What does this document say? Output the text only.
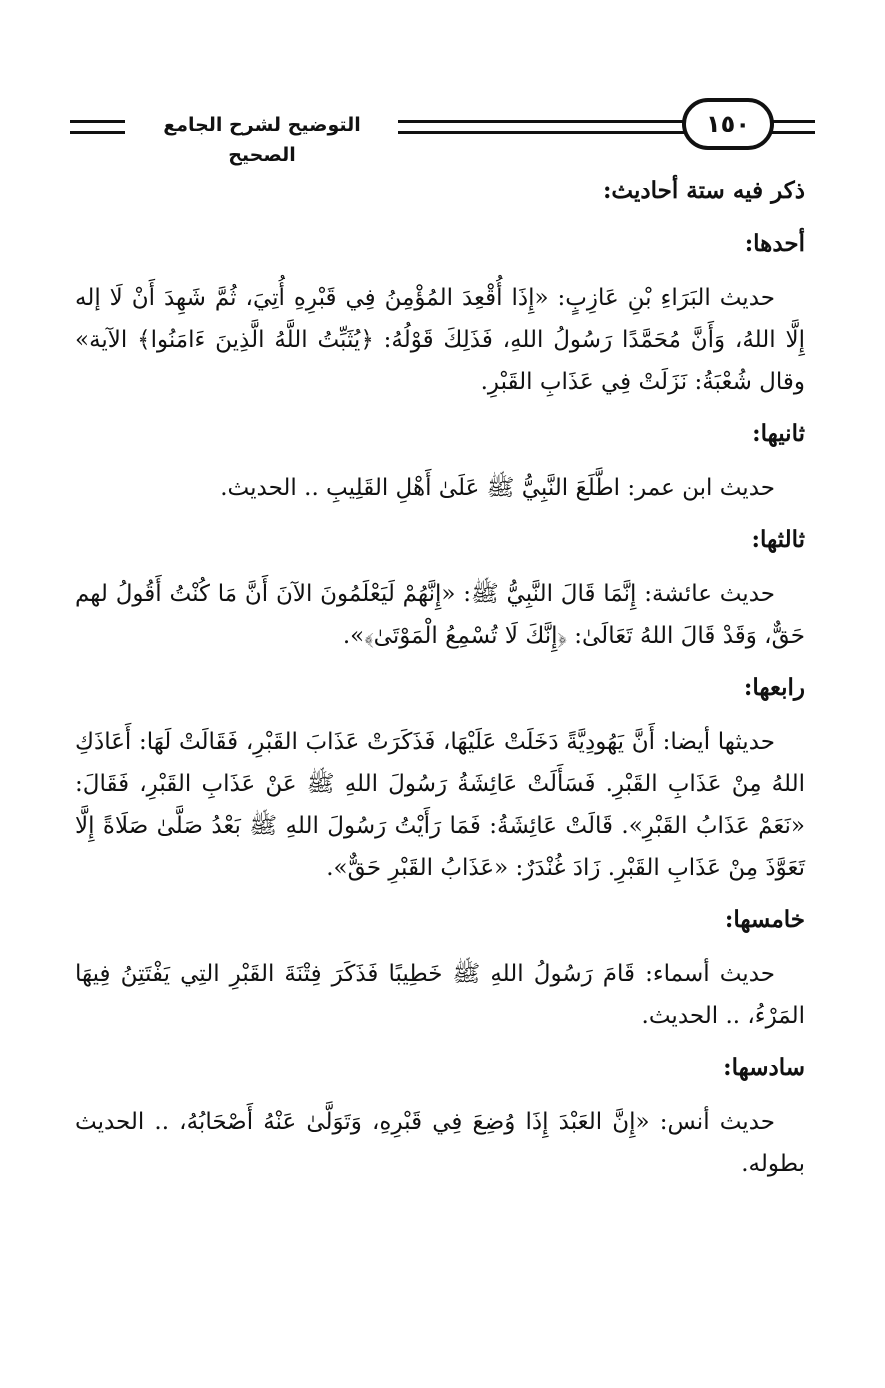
التوضيح لشرح الجامع الصحيح
١٥٠

ذكر فيه ستة أحاديث:

أحدها:

حديث البَرَاءِ بْنِ عَازِبٍ: «إِذَا أُقْعِدَ المُؤْمِنُ فِي قَبْرِهِ أُتِيَ، ثُمَّ شَهِدَ أَنْ لَا إله إِلَّا اللهُ، وَأَنَّ مُحَمَّدًا رَسُولُ اللهِ، فَذَلِكَ قَوْلُهُ: ﴿يُثَبِّتُ اللَّهُ الَّذِينَ ءَامَنُوا﴾ الآية» وقال شُعْبَةُ: نَزَلَتْ فِي عَذَابِ القَبْرِ.

ثانيها:

حديث ابن عمر: اطَّلَعَ النَّبِيُّ ﷺ عَلَىٰ أَهْلِ القَلِيبِ .. الحديث.

ثالثها:

حديث عائشة: إِنَّمَا قَالَ النَّبِيُّ ﷺ: «إِنَّهُمْ لَيَعْلَمُونَ الآنَ أَنَّ مَا كُنْتُ أَقُولُ لهم حَقٌّ، وَقَدْ قَالَ اللهُ تَعَالَىٰ: ﴿إِنَّكَ لَا تُسْمِعُ الْمَوْتَىٰ﴾».

رابعها:

حديثها أيضا: أَنَّ يَهُودِيَّةً دَخَلَتْ عَلَيْهَا، فَذَكَرَتْ عَذَابَ القَبْرِ، فَقَالَتْ لَهَا: أَعَاذَكِ اللهُ مِنْ عَذَابِ القَبْرِ. فَسَأَلَتْ عَائِشَةُ رَسُولَ اللهِ ﷺ عَنْ عَذَابِ القَبْرِ، فَقَالَ: «نَعَمْ عَذَابُ القَبْرِ». قَالَتْ عَائِشَةُ: فَمَا رَأَيْتُ رَسُولَ اللهِ ﷺ بَعْدُ صَلَّىٰ صَلَاةً إِلَّا تَعَوَّذَ مِنْ عَذَابِ القَبْرِ. زَادَ غُنْدَرٌ: «عَذَابُ القَبْرِ حَقٌّ».

خامسها:

حديث أسماء: قَامَ رَسُولُ اللهِ ﷺ خَطِيبًا فَذَكَرَ فِتْنَةَ القَبْرِ التِي يَفْتَتِنُ فِيهَا المَرْءُ، .. الحديث.

سادسها:

حديث أنس: «إِنَّ العَبْدَ إِذَا وُضِعَ فِي قَبْرِهِ، وَتَوَلَّىٰ عَنْهُ أَصْحَابُهُ، .. الحديث بطوله.
